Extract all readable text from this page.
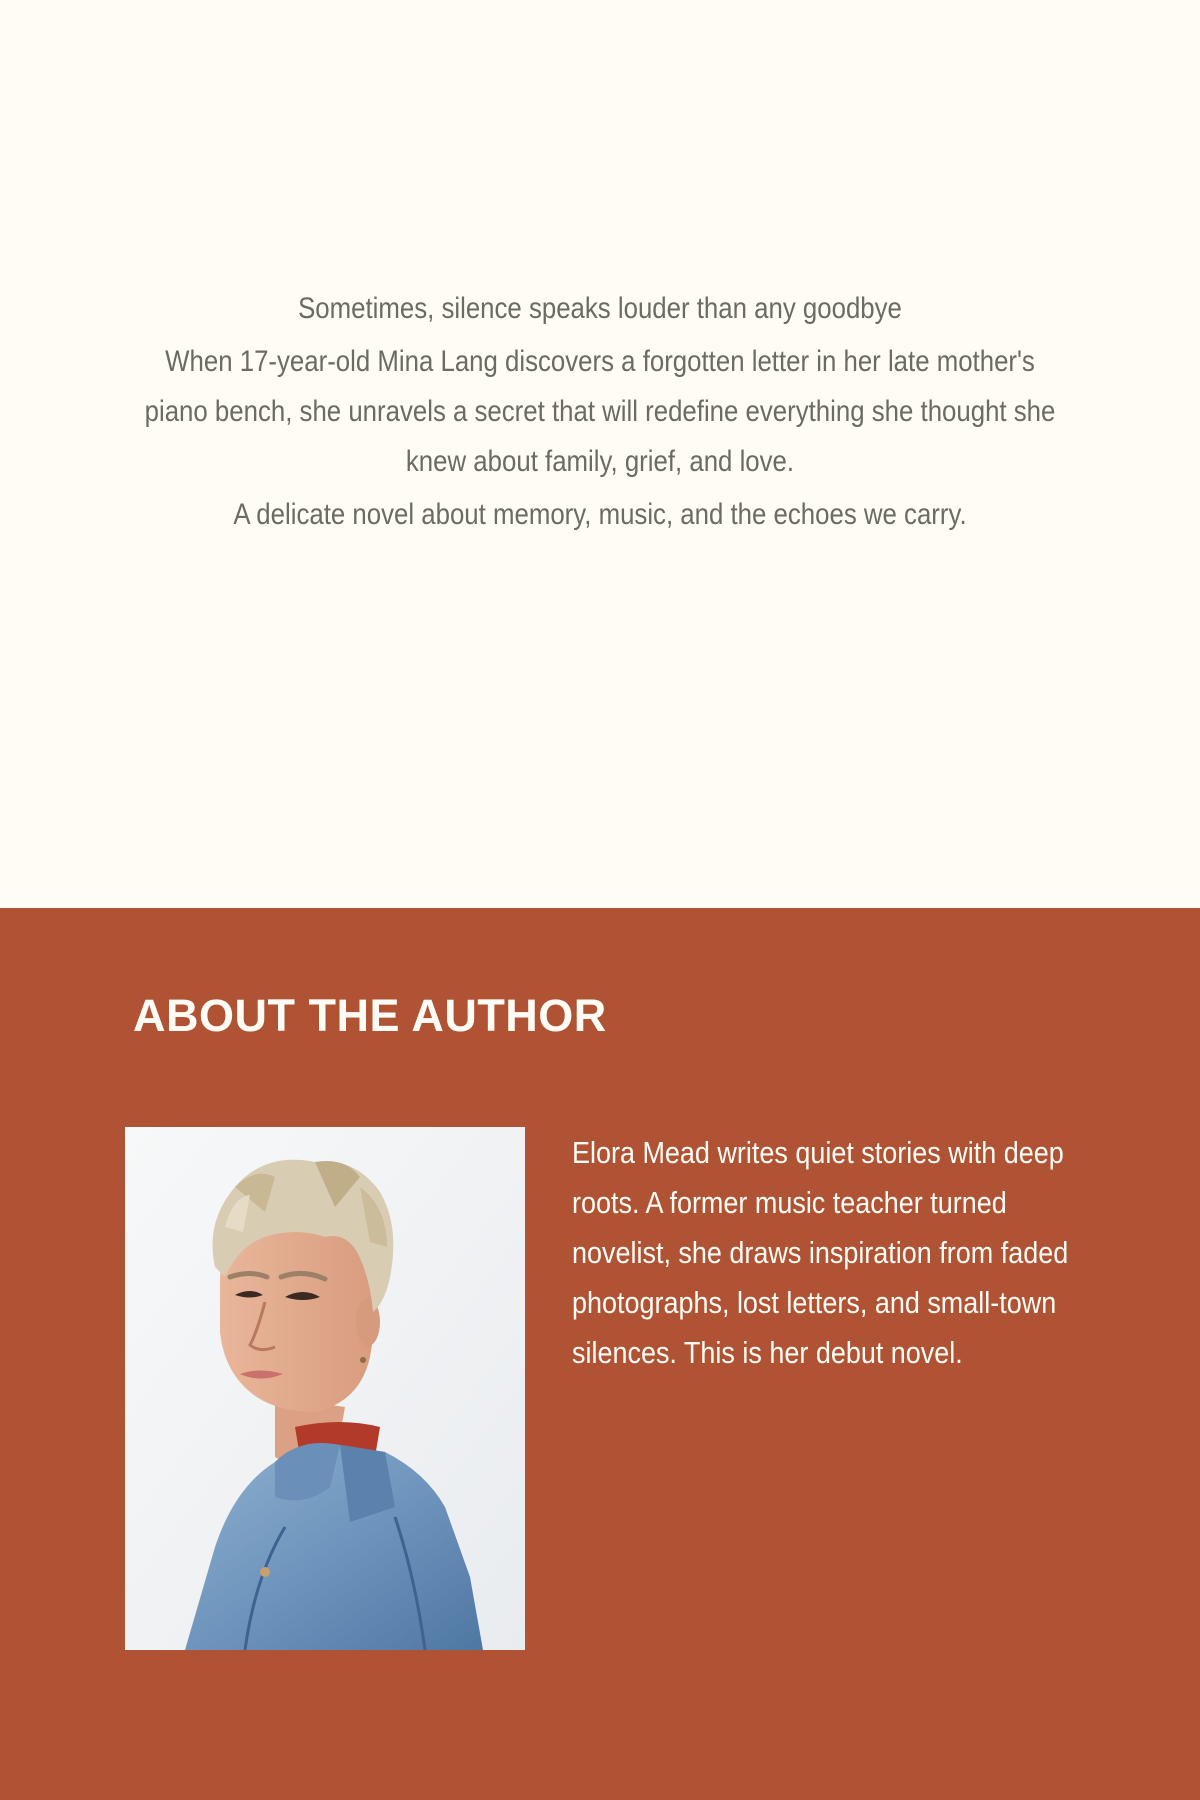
Sometimes, silence speaks louder than any goodbye

When 17-year-old Mina Lang discovers a forgotten letter in her late mother's piano bench, she unravels a secret that will redefine everything she thought she knew about family, grief, and love.

A delicate novel about memory, music, and the echoes we carry.

ABOUT THE AUTHOR

Elora Mead writes quiet stories with deep roots. A former music teacher turned novelist, she draws inspiration from faded photographs, lost letters, and small-town silences. This is her debut novel.
